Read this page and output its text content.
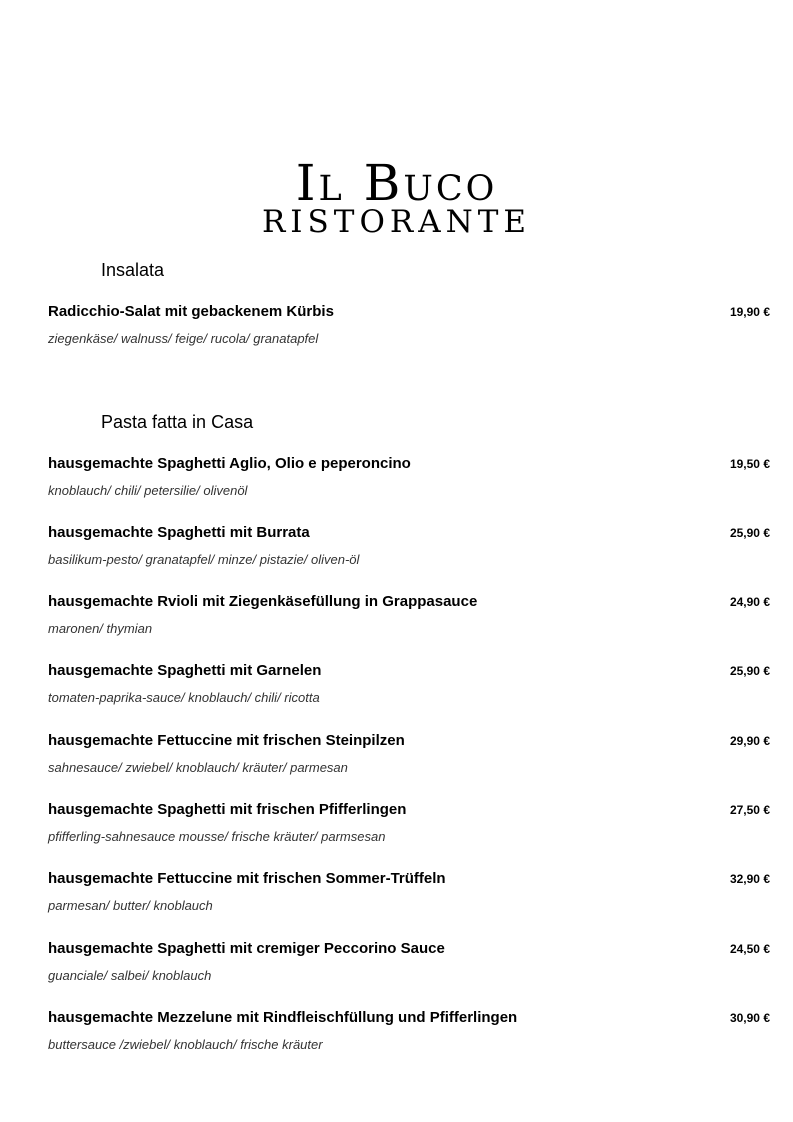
Il Buco
RISTORANTE
Insalata
Radicchio-Salat mit gebackenem Kürbis	19,90 €
ziegenkäse/ walnuss/ feige/ rucola/ granatapfel
Pasta fatta in Casa
hausgemachte Spaghetti Aglio, Olio e peperoncino	19,50 €
knoblauch/ chili/ petersilie/ olivenöl
hausgemachte Spaghetti mit Burrata	25,90 €
basilikum-pesto/ granatapfel/ minze/ pistazie/ oliven-öl
hausgemachte Rvioli mit Ziegenkäsefüllung in Grappasauce	24,90 €
maronen/ thymian
hausgemachte Spaghetti mit Garnelen	25,90 €
tomaten-paprika-sauce/ knoblauch/ chili/ ricotta
hausgemachte Fettuccine mit frischen Steinpilzen	29,90 €
sahnesauce/ zwiebel/ knoblauch/ kräuter/ parmesan
hausgemachte Spaghetti mit frischen Pfifferlingen	27,50 €
pfifferling-sahnesauce mousse/ frische kräuter/ parmsesan
hausgemachte Fettuccine mit frischen Sommer-Trüffeln	32,90 €
parmesan/ butter/ knoblauch
hausgemachte Spaghetti mit cremiger Peccorino Sauce	24,50 €
guanciale/ salbei/ knoblauch
hausgemachte Mezzelune mit Rindfleischfüllung und Pfifferlingen	30,90 €
buttersauce /zwiebel/ knoblauch/ frische kräuter
